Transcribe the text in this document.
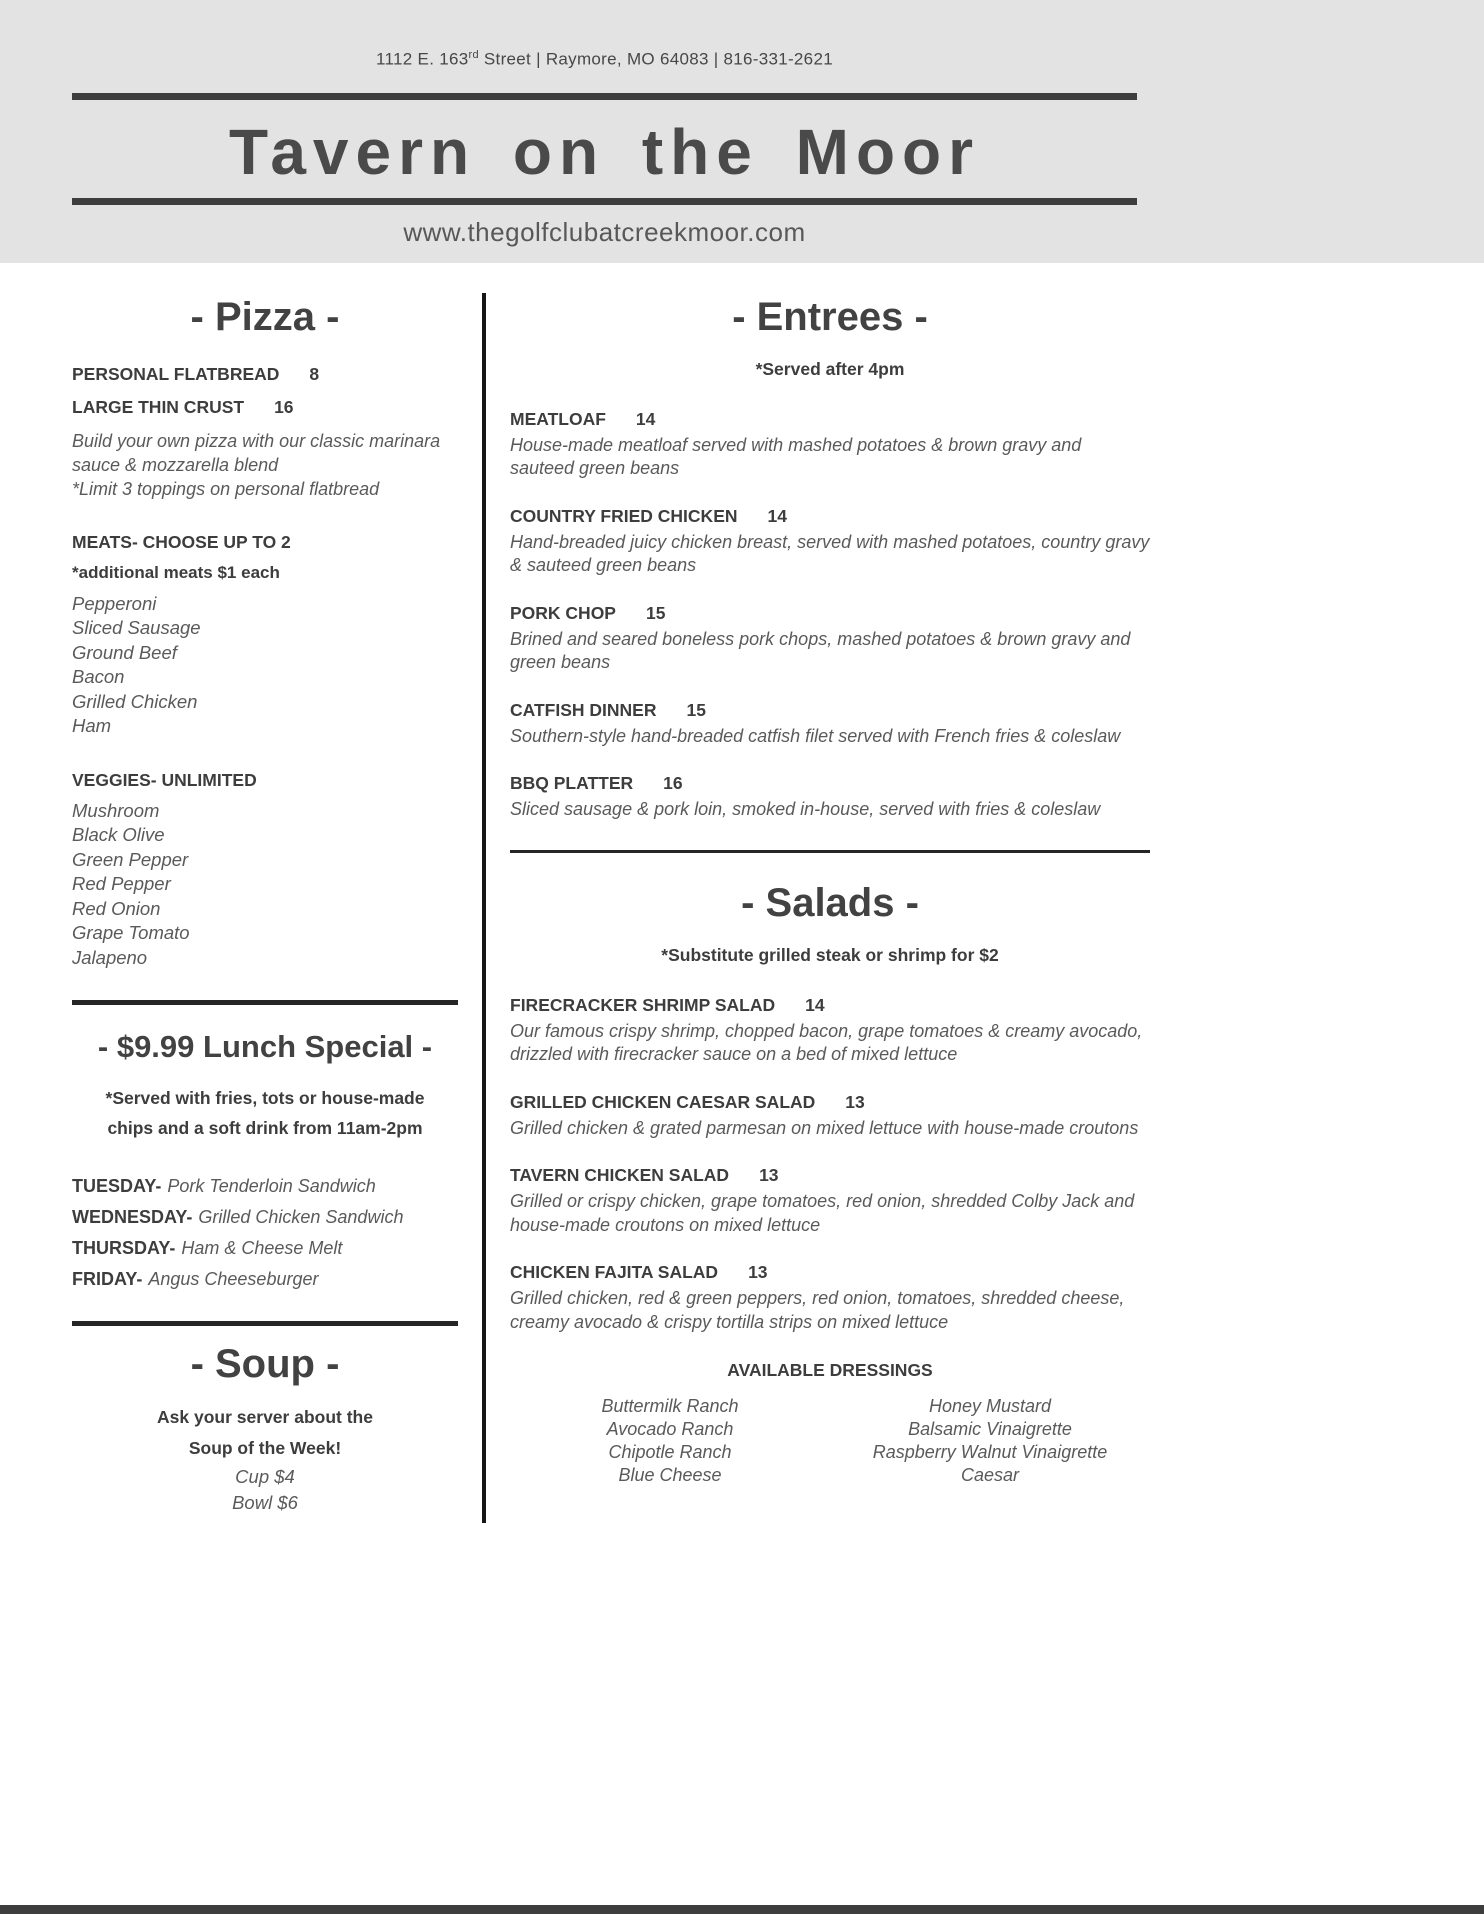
1112 E. 163rd Street | Raymore, MO 64083 | 816-331-2621
Tavern on the Moor
www.thegolfclubatcreekmoor.com
- Pizza -
PERSONAL FLATBREAD 8
LARGE THIN CRUST 16
Build your own pizza with our classic marinara sauce & mozzarella blend
*Limit 3 toppings on personal flatbread
MEATS- CHOOSE UP TO 2
*additional meats $1 each
Pepperoni
Sliced Sausage
Ground Beef
Bacon
Grilled Chicken
Ham
VEGGIES- UNLIMITED
Mushroom
Black Olive
Green Pepper
Red Pepper
Red Onion
Grape Tomato
Jalapeno
- $9.99 Lunch Special -
*Served with fries, tots or house-made
chips and a soft drink from 11am-2pm
TUESDAY- Pork Tenderloin Sandwich
WEDNESDAY- Grilled Chicken Sandwich
THURSDAY- Ham & Cheese Melt
FRIDAY- Angus Cheeseburger
- Soup -
Ask your server about the
Soup of the Week!
Cup $4
Bowl $6
- Entrees -
*Served after 4pm
MEATLOAF 14
House-made meatloaf served with mashed potatoes & brown gravy and sauteed green beans
COUNTRY FRIED CHICKEN 14
Hand-breaded juicy chicken breast, served with mashed potatoes, country gravy & sauteed green beans
PORK CHOP 15
Brined and seared boneless pork chops, mashed potatoes & brown gravy and green beans
CATFISH DINNER 15
Southern-style hand-breaded catfish filet served with French fries & coleslaw
BBQ PLATTER 16
Sliced sausage & pork loin, smoked in-house, served with fries & coleslaw
- Salads -
*Substitute grilled steak or shrimp for $2
FIRECRACKER SHRIMP SALAD 14
Our famous crispy shrimp, chopped bacon, grape tomatoes & creamy avocado, drizzled with firecracker sauce on a bed of mixed lettuce
GRILLED CHICKEN CAESAR SALAD 13
Grilled chicken & grated parmesan on mixed lettuce with house-made croutons
TAVERN CHICKEN SALAD 13
Grilled or crispy chicken, grape tomatoes, red onion, shredded Colby Jack and house-made croutons on mixed lettuce
CHICKEN FAJITA SALAD 13
Grilled chicken, red & green peppers, red onion, tomatoes, shredded cheese, creamy avocado & crispy tortilla strips on mixed lettuce
AVAILABLE DRESSINGS
Buttermilk Ranch
Avocado Ranch
Chipotle Ranch
Blue Cheese
Honey Mustard
Balsamic Vinaigrette
Raspberry Walnut Vinaigrette
Caesar
